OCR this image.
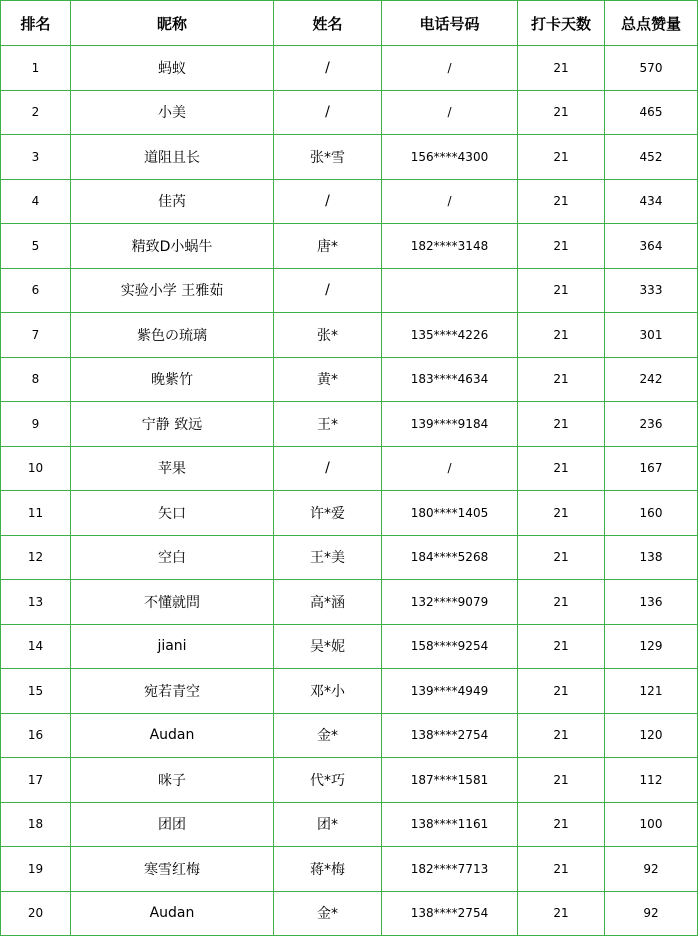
排名	昵称	姓名	电话号码	打卡天数	总点赞量
1	蚂蚁	/	/	21	570
2	小美	/	/	21	465
3	道阻且长	张*雪	156****4300	21	452
4	佳芮	/	/	21	434
5	精致D小蜗牛	唐*	182****3148	21	364
6	实验小学 王雅茹	/		21	333
7	紫色の琉璃	张*	135****4226	21	301
8	晚紫竹	黄*	183****4634	21	242
9	宁静 致远	王*	139****9184	21	236
10	苹果	/	/	21	167
11	矢口	许*爱	180****1405	21	160
12	空白	王*美	184****5268	21	138
13	不懂就問	高*涵	132****9079	21	136
14	jiani	吴*妮	158****9254	21	129
15	宛若青空	邓*小	139****4949	21	121
16	Audan	金*	138****2754	21	120
17	咪子	代*巧	187****1581	21	112
18	团团	团*	138****1161	21	100
19	寒雪红梅	蒋*梅	182****7713	21	92
20	Audan	金*	138****2754	21	92
